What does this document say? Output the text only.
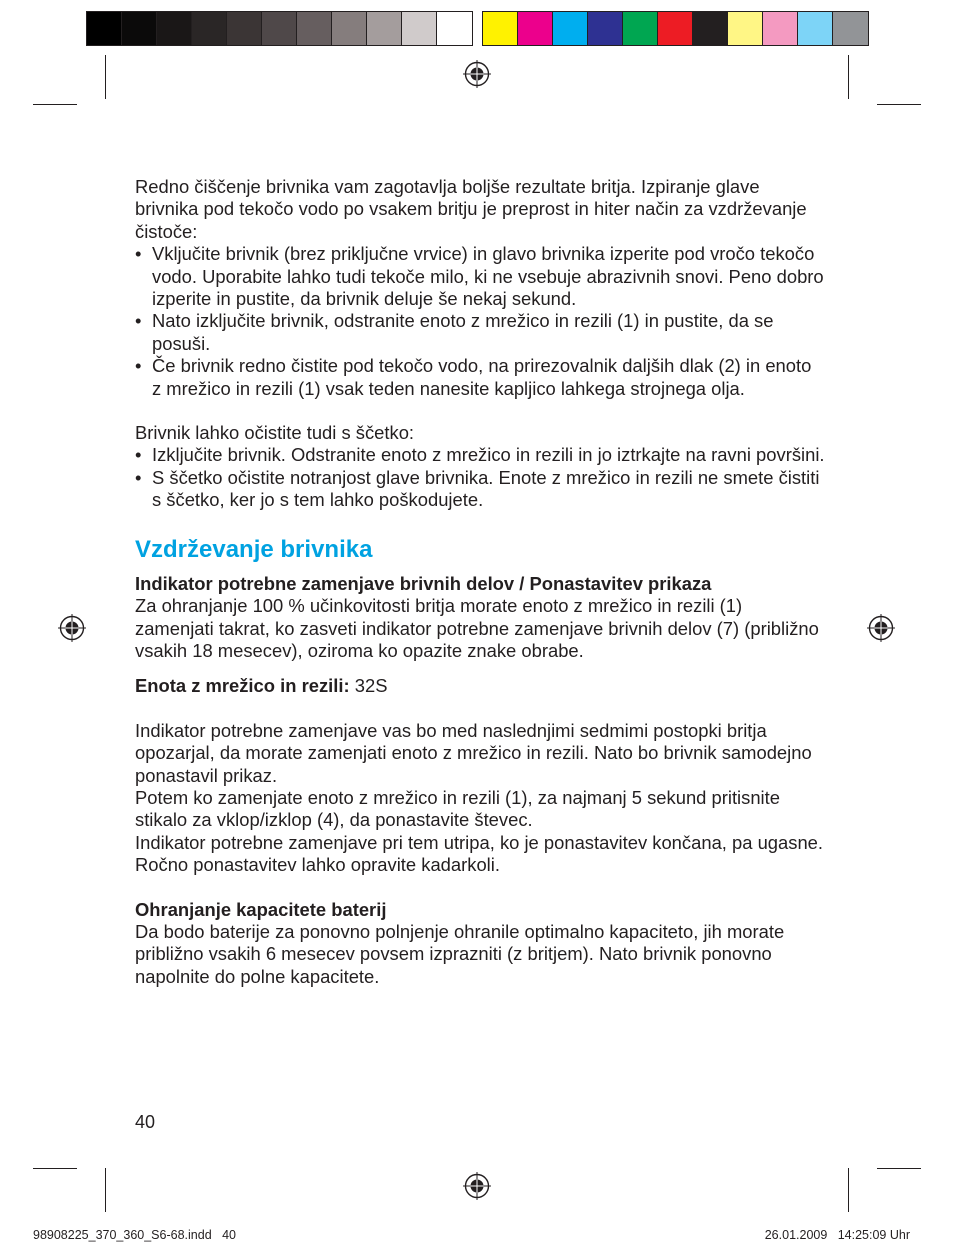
Redno čiščenje brivnika vam zagotavlja boljše rezultate britja. Izpiranje glave brivnika pod tekočo vodo po vsakem britju je preprost in hiter način za vzdrževanje čistoče:

• Vključite brivnik (brez priključne vrvice) in glavo brivnika izperite pod vročo tekočo vodo. Uporabite lahko tudi tekoče milo, ki ne vsebuje abrazivnih snovi. Peno dobro izperite in pustite, da brivnik deluje še nekaj sekund.
• Nato izključite brivnik, odstranite enoto z mrežico in rezili (1) in pustite, da se posuši.
• Če brivnik redno čistite pod tekočo vodo, na prirezovalnik daljših dlak (2) in enoto z mrežico in rezili (1) vsak teden nanesite kapljico lahkega strojnega olja.

Brivnik lahko očistite tudi s ščetko:

• Izključite brivnik. Odstranite enoto z mrežico in rezili in jo iztrkajte na ravni površini.
• S ščetko očistite notranjost glave brivnika. Enote z mrežico in rezili ne smete čistiti s ščetko, ker jo s tem lahko poškodujete.
Vzdrževanje brivnika

Indikator potrebne zamenjave brivnih delov / Ponastavitev prikaza

Za ohranjanje 100 % učinkovitosti britja morate enoto z mrežico in rezili (1) zamenjati takrat, ko zasveti indikator potrebne zamenjave brivnih delov (7) (približno vsakih 18 mesecev), oziroma ko opazite znake obrabe.

Enota z mrežico in rezili: 32S

Indikator potrebne zamenjave vas bo med naslednjimi sedmimi postopki britja opozarjal, da morate zamenjati enoto z mrežico in rezili. Nato bo brivnik samodejno ponastavil prikaz.

Potem ko zamenjate enoto z mrežico in rezili (1), za najmanj 5 sekund pritisnite stikalo za vklop/izklop (4), da ponastavite števec.

Indikator potrebne zamenjave pri tem utripa, ko je ponastavitev končana, pa ugasne. Ročno ponastavitev lahko opravite kadarkoli.

Ohranjanje kapacitete baterij

Da bodo baterije za ponovno polnjenje ohranile optimalno kapaciteto, jih morate približno vsakih 6 mesecev povsem izprazniti (z britjem). Nato brivnik ponovno napolnite do polne kapacitete.

40
98908225_370_360_S6-68.indd   40	26.01.2009   14:25:09 Uhr
